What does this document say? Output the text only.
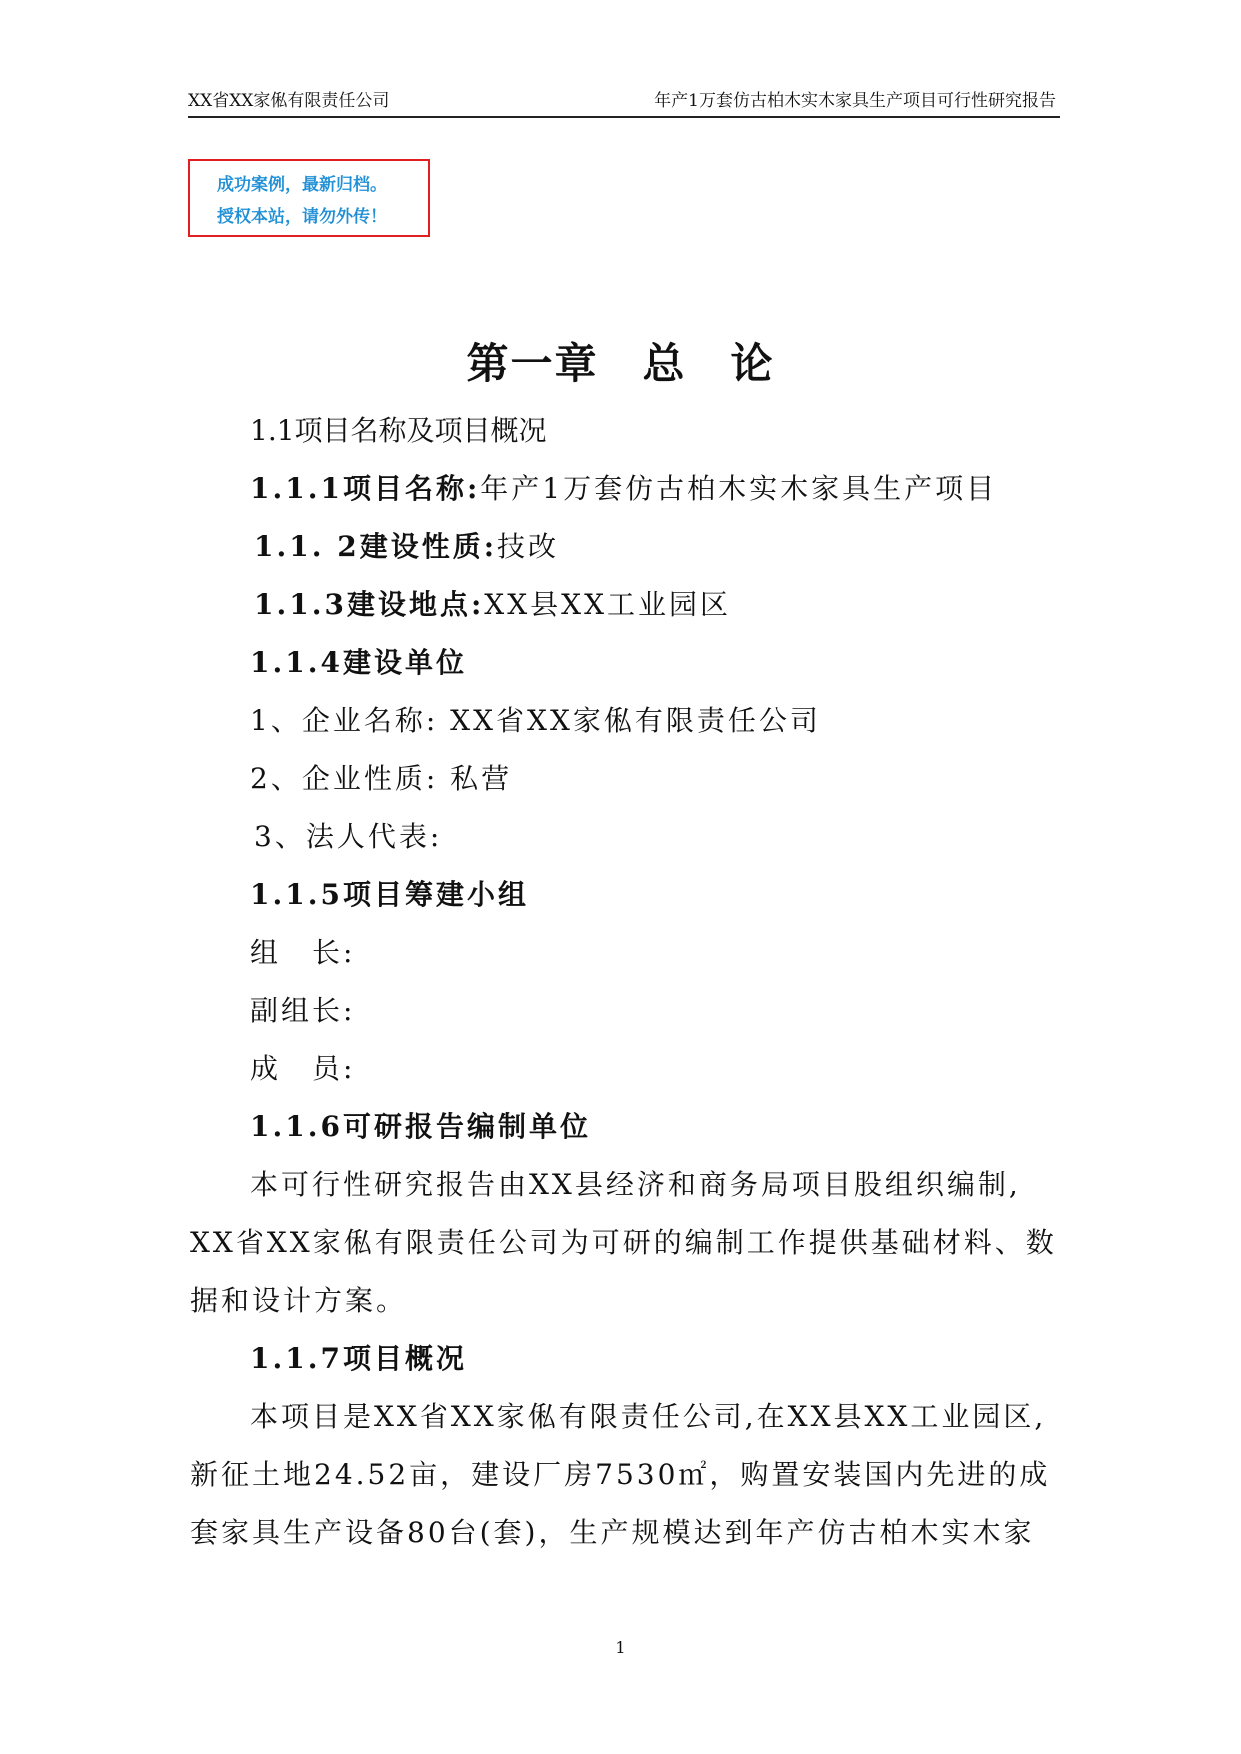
XX省XX家俬有限责任公司	年产1万套仿古柏木实木家具生产项目可行性研究报告
成功案例，最新归档。
授权本站，请勿外传！
第一章　总　论
1.1项目名称及项目概况
1.1.1项目名称:年产1万套仿古柏木实木家具生产项目
1.1. 2建设性质:技改
1.1.3建设地点:XX县XX工业园区
1.1.4建设单位
1、企业名称: XX省XX家俬有限责任公司
2、企业性质: 私营
3、法人代表:
1.1.5项目筹建小组
组　长:
副组长:
成　员:
1.1.6可研报告编制单位
本可行性研究报告由XX县经济和商务局项目股组织编制,
XX省XX家俬有限责任公司为可研的编制工作提供基础材料、数
据和设计方案。
1.1.7项目概况
本项目是XX省XX家俬有限责任公司,在XX县XX工业园区,
新征土地24.52亩，建设厂房7530㎡，购置安装国内先进的成
套家具生产设备80台(套)，生产规模达到年产仿古柏木实木家
1
